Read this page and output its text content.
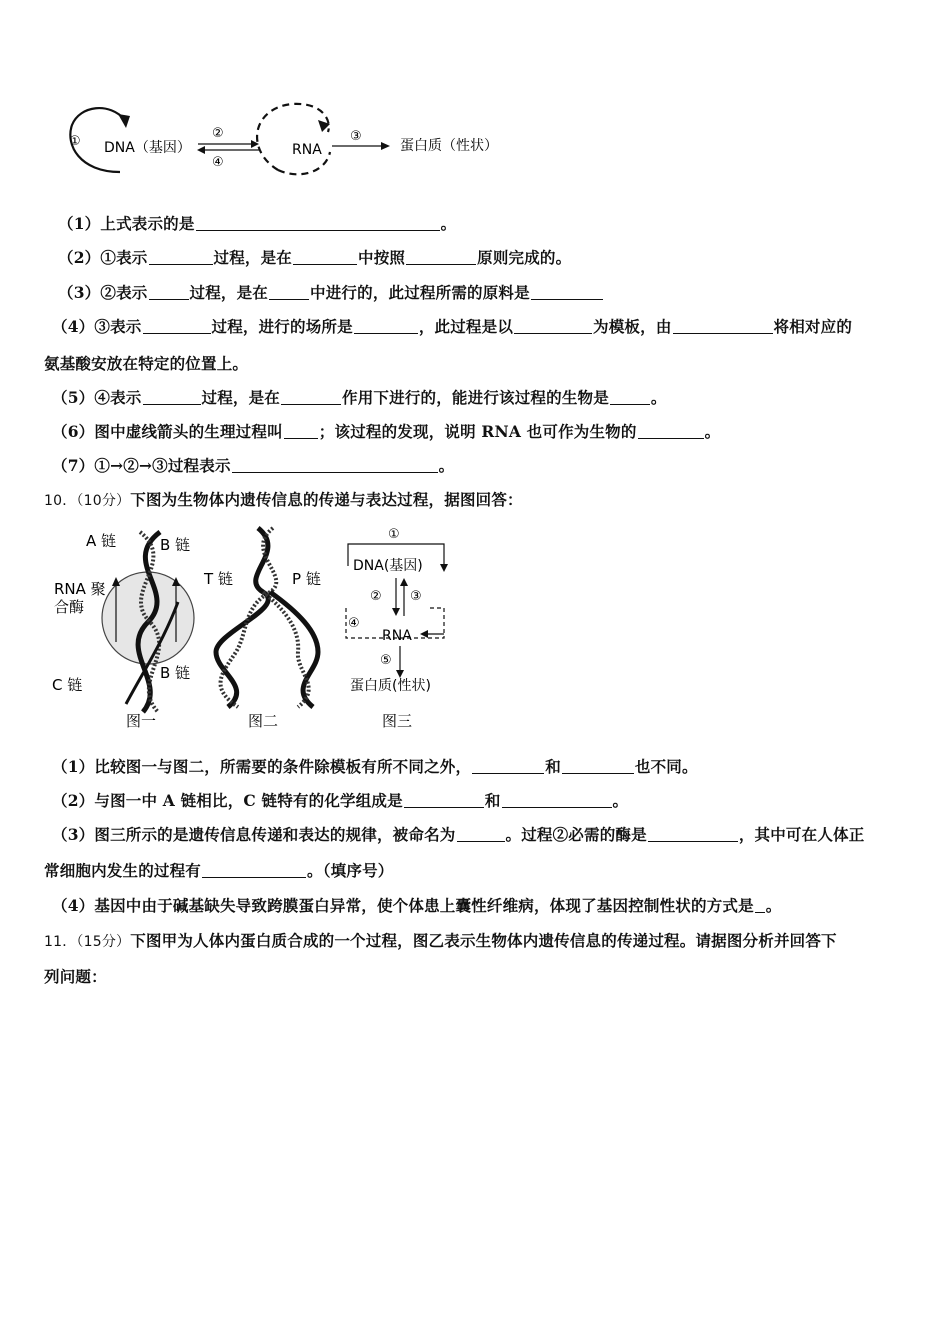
① DNA（基因）
②
④
RNA
③
蛋白质（性状）
（1）上式表示的是	。
（2）①表示	过程，是在	中按照	原则完成的。
（3）②表示	过程，是在	中进行的，此过程所需的原料是
（4）③表示	过程，进行的场所是	，此过程是以	为模板，由	将相对应的
氨基酸安放在特定的位置上。
（5）④表示	过程，是在	作用下进行的，能进行该过程的生物是	。
（6）图中虚线箭头的生理过程叫 ；该过程的发现，说明 RNA 也可作为生物的	。
（7）①→②→③过程表示	。
10．（10分）下图为生物体内遗传信息的传递与表达过程，据图回答：
A 链	B 链
RNA 聚
合酶
C 链
B 链
图一
T 链	P 链
图二
①
DNA(基因)
② ③
④
RNA
⑤
蛋白质(性状)
图三
（1）比较图一与图二，所需要的条件除模板有所不同之外，	和	也不同。
（2）与图一中 A 链相比，C 链特有的化学组成是	和	。
（3）图三所示的是遗传信息传递和表达的规律，被命名为	。过程②必需的酶是	，其中可在人体正
常细胞内发生的过程有	。（填序号）
（4）基因中由于碱基缺失导致跨膜蛋白异常，使个体患上囊性纤维病，体现了基因控制性状的方式是 。
11．（15分）下图甲为人体内蛋白质合成的一个过程，图乙表示生物体内遗传信息的传递过程。请据图分析并回答下
列问题：
